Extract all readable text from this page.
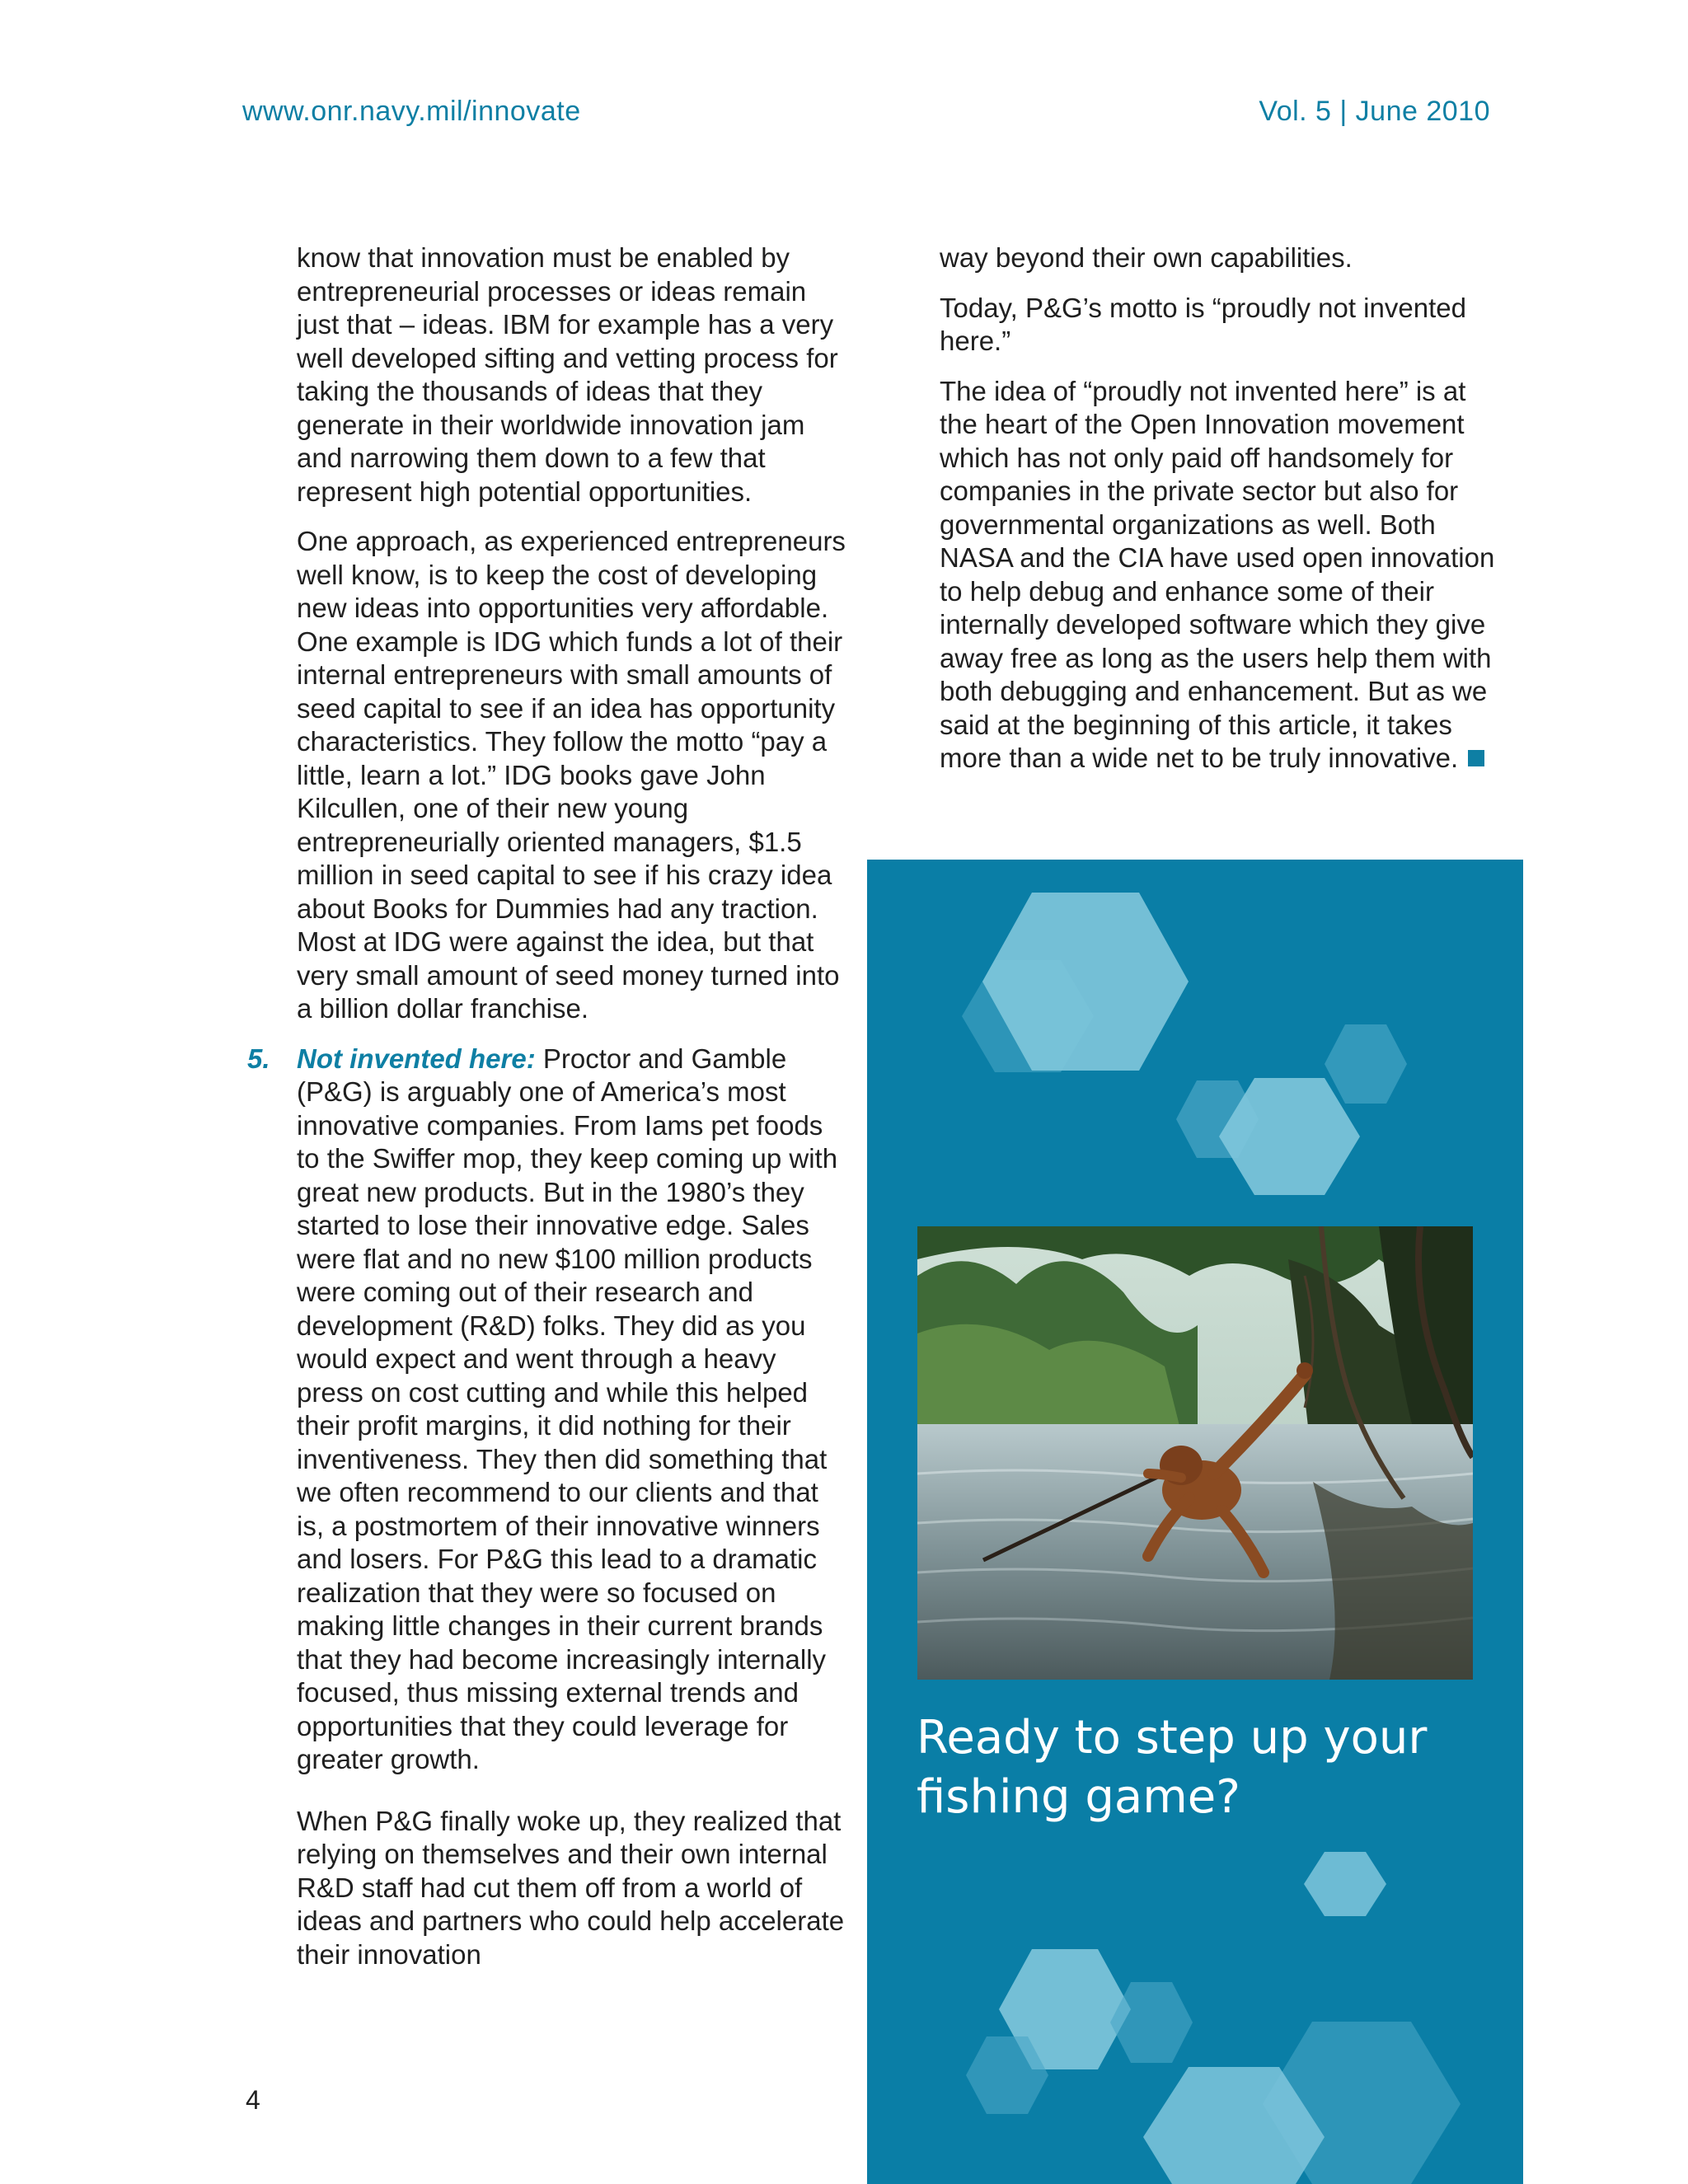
www.onr.navy.mil/innovate	Vol. 5 | June 2010

know that innovation must be enabled by entrepreneurial processes or ideas remain just that – ideas. IBM for example has a very well developed sifting and vetting process for taking the thousands of ideas that they generate in their worldwide innovation jam and narrowing them down to a few that represent high potential opportunities.

One approach, as experienced entrepreneurs well know, is to keep the cost of developing new ideas into opportunities very affordable. One example is IDG which funds a lot of their internal entrepreneurs with small amounts of seed capital to see if an idea has opportunity characteristics. They follow the motto “pay a little, learn a lot.” IDG books gave John Kilcullen, one of their new young entrepreneurially oriented managers, $1.5 million in seed capital to see if his crazy idea about Books for Dummies had any traction. Most at IDG were against the idea, but that very small amount of seed money turned into a billion dollar franchise.

5. Not invented here: Proctor and Gamble (P&G) is arguably one of America’s most innovative companies. From Iams pet foods to the Swiffer mop, they keep coming up with great new products. But in the 1980’s they started to lose their innovative edge. Sales were flat and no new $100 million products were coming out of their research and development (R&D) folks. They did as you would expect and went through a heavy press on cost cutting and while this helped their profit margins, it did nothing for their inventiveness. They then did something that we often recommend to our clients and that is, a postmortem of their innovative winners and losers. For P&G this lead to a dramatic realization that they were so focused on making little changes in their current brands that they had become increasingly internally focused, thus missing external trends and opportunities that they could leverage for greater growth.

When P&G finally woke up, they realized that relying on themselves and their own internal R&D staff had cut them off from a world of ideas and partners who could help accelerate their innovation

way beyond their own capabilities.

Today, P&G’s motto is “proudly not invented here.”

The idea of “proudly not invented here” is at the heart of the Open Innovation movement which has not only paid off handsomely for companies in the private sector but also for governmental organizations as well. Both NASA and the CIA have used open innovation to help debug and enhance some of their internally developed software which they give away free as long as the users help them with both debugging and enhancement. But as we said at the beginning of this article, it takes more than a wide net to be truly innovative.

Ready to step up your fishing game?
4
